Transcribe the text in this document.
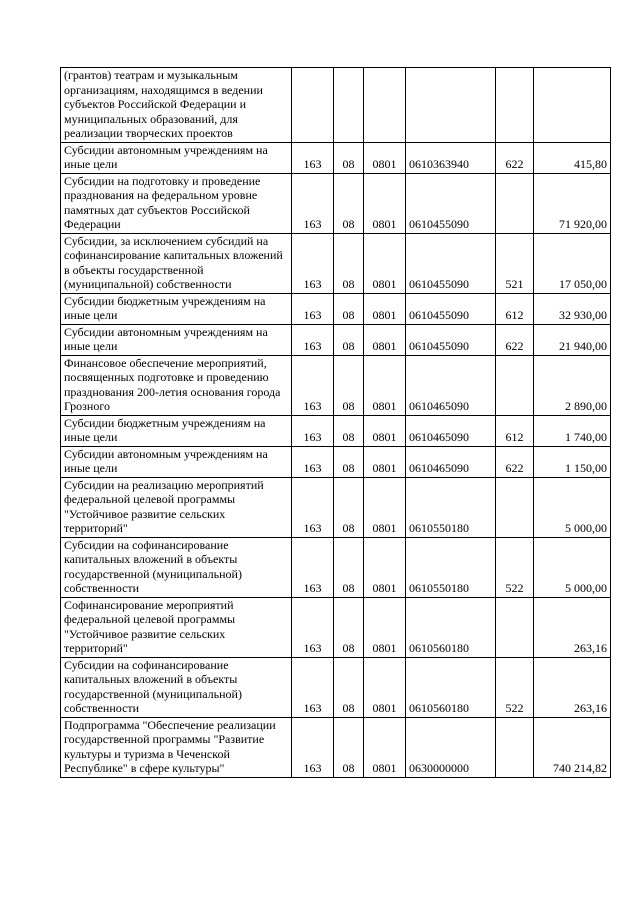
(грантов) театрам и музыкальным организациям, находящимся в ведении субъектов Российской Федерации и муниципальных образований, для реализации творческих проектов						
Субсидии автономным учреждениям на иные цели	163	08	0801	0610363940	622	415,80
Субсидии на подготовку и проведение празднования на федеральном уровне памятных дат субъектов Российской Федерации	163	08	0801	0610455090		71 920,00
Субсидии, за исключением субсидий на софинансирование капитальных вложений в объекты государственной (муниципальной) собственности	163	08	0801	0610455090	521	17 050,00
Субсидии бюджетным учреждениям на иные цели	163	08	0801	0610455090	612	32 930,00
Субсидии автономным учреждениям на иные цели	163	08	0801	0610455090	622	21 940,00
Финансовое обеспечение мероприятий, посвященных подготовке и проведению празднования 200-летия основания города Грозного	163	08	0801	0610465090		2 890,00
Субсидии бюджетным учреждениям на иные цели	163	08	0801	0610465090	612	1 740,00
Субсидии автономным учреждениям на иные цели	163	08	0801	0610465090	622	1 150,00
Субсидии на реализацию мероприятий федеральной целевой программы "Устойчивое развитие сельских территорий"	163	08	0801	0610550180		5 000,00
Субсидии на софинансирование капитальных вложений в объекты государственной (муниципальной) собственности	163	08	0801	0610550180	522	5 000,00
Софинансирование мероприятий федеральной целевой программы "Устойчивое развитие сельских территорий"	163	08	0801	0610560180		263,16
Субсидии на софинансирование капитальных вложений в объекты государственной (муниципальной) собственности	163	08	0801	0610560180	522	263,16
Подпрограмма "Обеспечение реализации государственной программы "Развитие культуры и туризма в Чеченской Республике" в сфере культуры"	163	08	0801	0630000000		740 214,82
